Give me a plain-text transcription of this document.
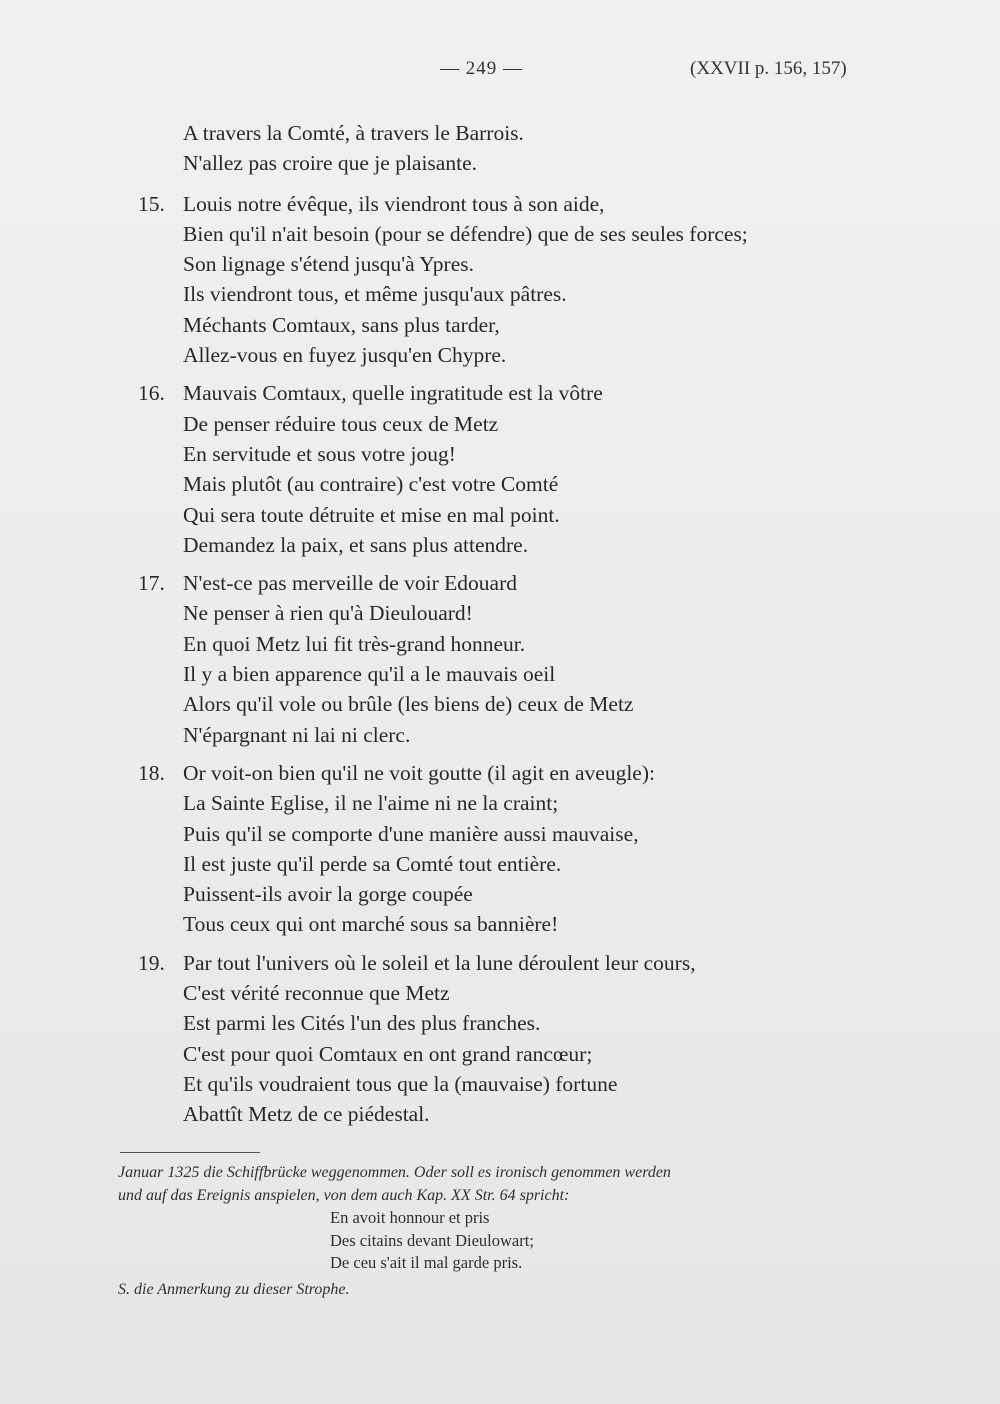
— 249 —	(XXVII p. 156, 157)
A travers la Comté, à travers le Barrois.
N'allez pas croire que je plaisante.
15. Louis notre évêque, ils viendront tous à son aide,
Bien qu'il n'ait besoin (pour se défendre) que de ses seules forces;
Son lignage s'étend jusqu'à Ypres.
Ils viendront tous, et même jusqu'aux pâtres.
Méchants Comtaux, sans plus tarder,
Allez-vous en fuyez jusqu'en Chypre.
16. Mauvais Comtaux, quelle ingratitude est la vôtre
De penser réduire tous ceux de Metz
En servitude et sous votre joug!
Mais plutôt (au contraire) c'est votre Comté
Qui sera toute détruite et mise en mal point.
Demandez la paix, et sans plus attendre.
17. N'est-ce pas merveille de voir Edouard
Ne penser à rien qu'à Dieulouard!
En quoi Metz lui fit très-grand honneur.
Il y a bien apparence qu'il a le mauvais oeil
Alors qu'il vole ou brûle (les biens de) ceux de Metz
N'épargnant ni lai ni clerc.
18. Or voit-on bien qu'il ne voit goutte (il agit en aveugle):
La Sainte Eglise, il ne l'aime ni ne la craint;
Puis qu'il se comporte d'une manière aussi mauvaise,
Il est juste qu'il perde sa Comté tout entière.
Puissent-ils avoir la gorge coupée
Tous ceux qui ont marché sous sa bannière!
19. Par tout l'univers où le soleil et la lune déroulent leur cours,
C'est vérité reconnue que Metz
Est parmi les Cités l'un des plus franches.
C'est pour quoi Comtaux en ont grand rancœur;
Et qu'ils voudraient tous que la (mauvaise) fortune
Abattît Metz de ce piédestal.
Januar 1325 die Schiffbrücke weggenommen. Oder soll es ironisch genommen werden
und auf das Ereignis anspielen, von dem auch Kap. XX Str. 64 spricht:
En avoit honnour et pris
Des citains devant Dieulowart;
De ceu s'ait il mal garde pris.
S. die Anmerkung zu dieser Strophe.
